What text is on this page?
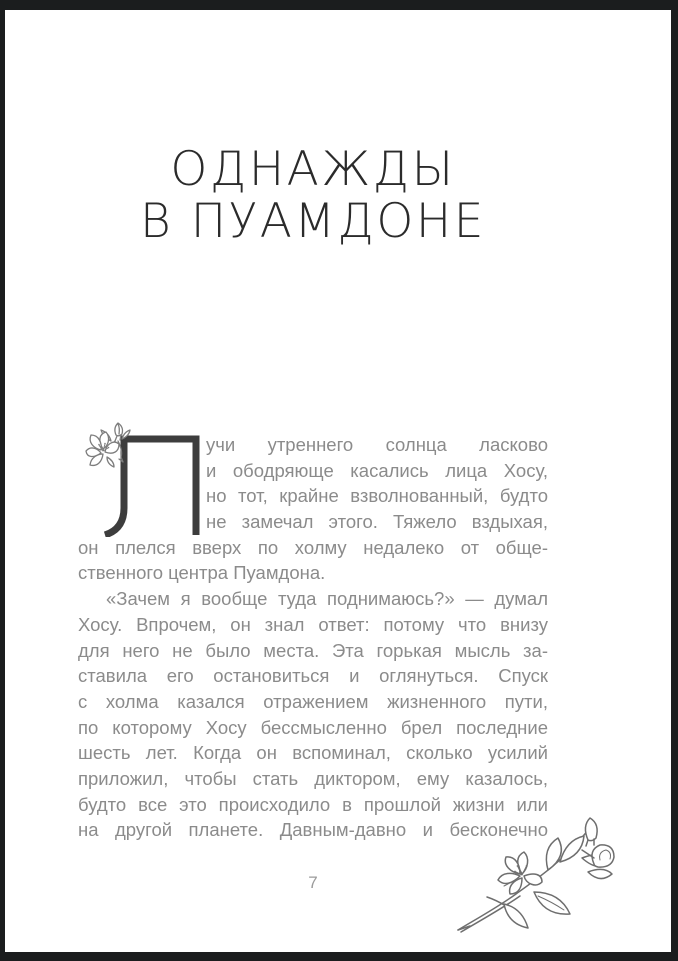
ОДНАЖДЫ
В ПУАМДОНЕ
учи утреннего солнца ласково
и ободряюще касались лица Хосу,
но тот, крайне взволнованный, будто
не замечал этого. Тяжело вздыхая,
он плелся вверх по холму недалеко от обще-
ственного центра Пуамдона.
«Зачем я вообще туда поднимаюсь?» — думал
Хосу. Впрочем, он знал ответ: потому что внизу
для него не было места. Эта горькая мысль за-
ставила его остановиться и оглянуться. Спуск
с холма казался отражением жизненного пути,
по которому Хосу бессмысленно брел последние
шесть лет. Когда он вспоминал, сколько усилий
приложил, чтобы стать диктором, ему казалось,
будто все это происходило в прошлой жизни или
на другой планете. Давным-давно и бесконечно
7
